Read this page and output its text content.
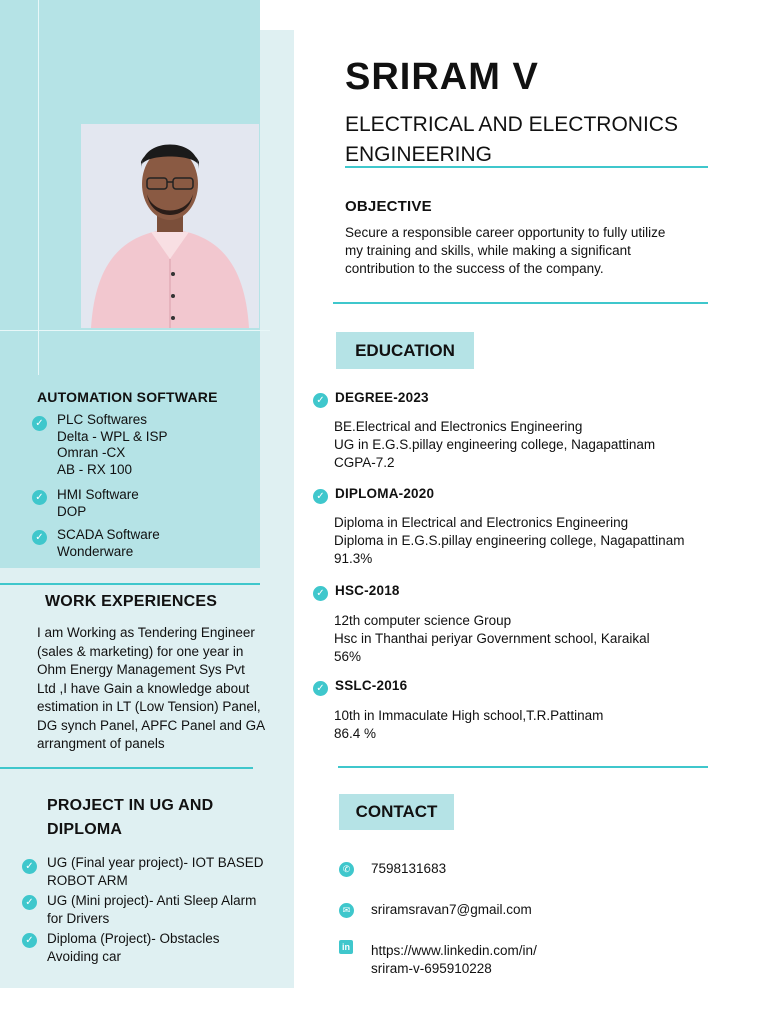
SRIRAM V
ELECTRICAL AND ELECTRONICS
ENGINEERING
OBJECTIVE
Secure a responsible career opportunity to fully utilize
my training and skills, while making a significant
contribution to the success of the company.
EDUCATION
✓ DEGREE-2023
BE.Electrical and Electronics Engineering
UG in E.G.S.pillay engineering college, Nagapattinam
CGPA-7.2
✓ DIPLOMA-2020
Diploma in Electrical and Electronics Engineering
Diploma in E.G.S.pillay engineering college, Nagapattinam
91.3%
✓ HSC-2018
12th computer science Group
Hsc in Thanthai periyar Government school, Karaikal
56%
✓ SSLC-2016
10th in Immaculate High school,T.R.Pattinam
86.4 %
CONTACT
✆ 7598131683
✉ sriramsravan7@gmail.com
in https://www.linkedin.com/in/
sriram-v-695910228
AUTOMATION SOFTWARE
✓ PLC Softwares
Delta - WPL & ISP
Omran -CX
AB - RX 100
✓ HMI Software
DOP
✓ SCADA Software
Wonderware
WORK EXPERIENCES
I am Working as Tendering Engineer
(sales & marketing) for one year in
Ohm Energy Management Sys Pvt
Ltd ,I have Gain a knowledge about
estimation in LT (Low Tension) Panel,
DG synch Panel, APFC Panel and GA
arrangment of panels
PROJECT IN UG AND
DIPLOMA
✓ UG (Final year project)- IOT BASED
ROBOT ARM
✓ UG (Mini project)- Anti Sleep Alarm
for Drivers
✓ Diploma (Project)- Obstacles
Avoiding car
